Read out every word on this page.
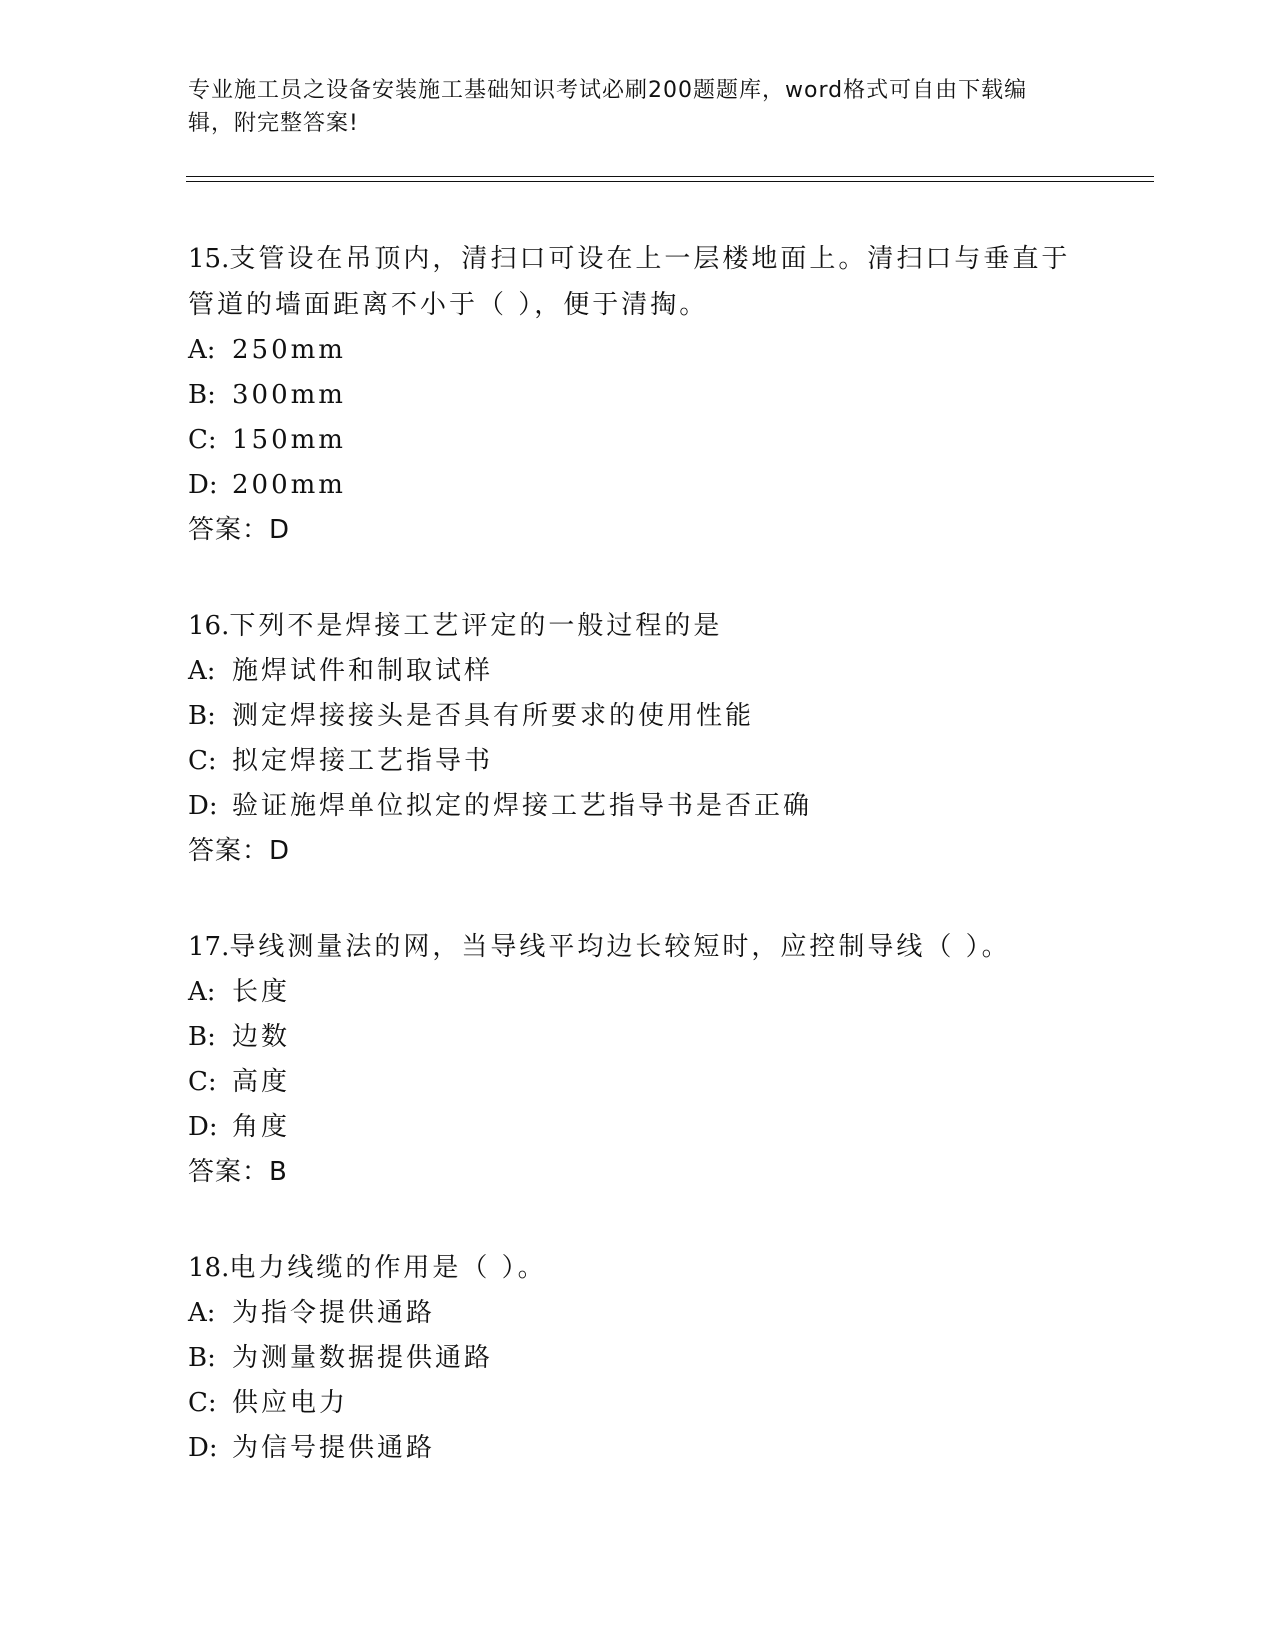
专业施工员之设备安装施工基础知识考试必刷200题题库，word格式可自由下载编辑，附完整答案!
15.支管设在吊顶内，清扫口可设在上一层楼地面上。清扫口与垂直于管道的墙面距离不小于（ ），便于清掏。
A: 250mm
B: 300mm
C: 150mm
D: 200mm
答案：D
16.下列不是焊接工艺评定的一般过程的是
A: 施焊试件和制取试样
B: 测定焊接接头是否具有所要求的使用性能
C: 拟定焊接工艺指导书
D: 验证施焊单位拟定的焊接工艺指导书是否正确
答案：D
17.导线测量法的网，当导线平均边长较短时，应控制导线（ ）。
A: 长度
B: 边数
C: 高度
D: 角度
答案：B
18.电力线缆的作用是（ ）。
A: 为指令提供通路
B: 为测量数据提供通路
C: 供应电力
D: 为信号提供通路
